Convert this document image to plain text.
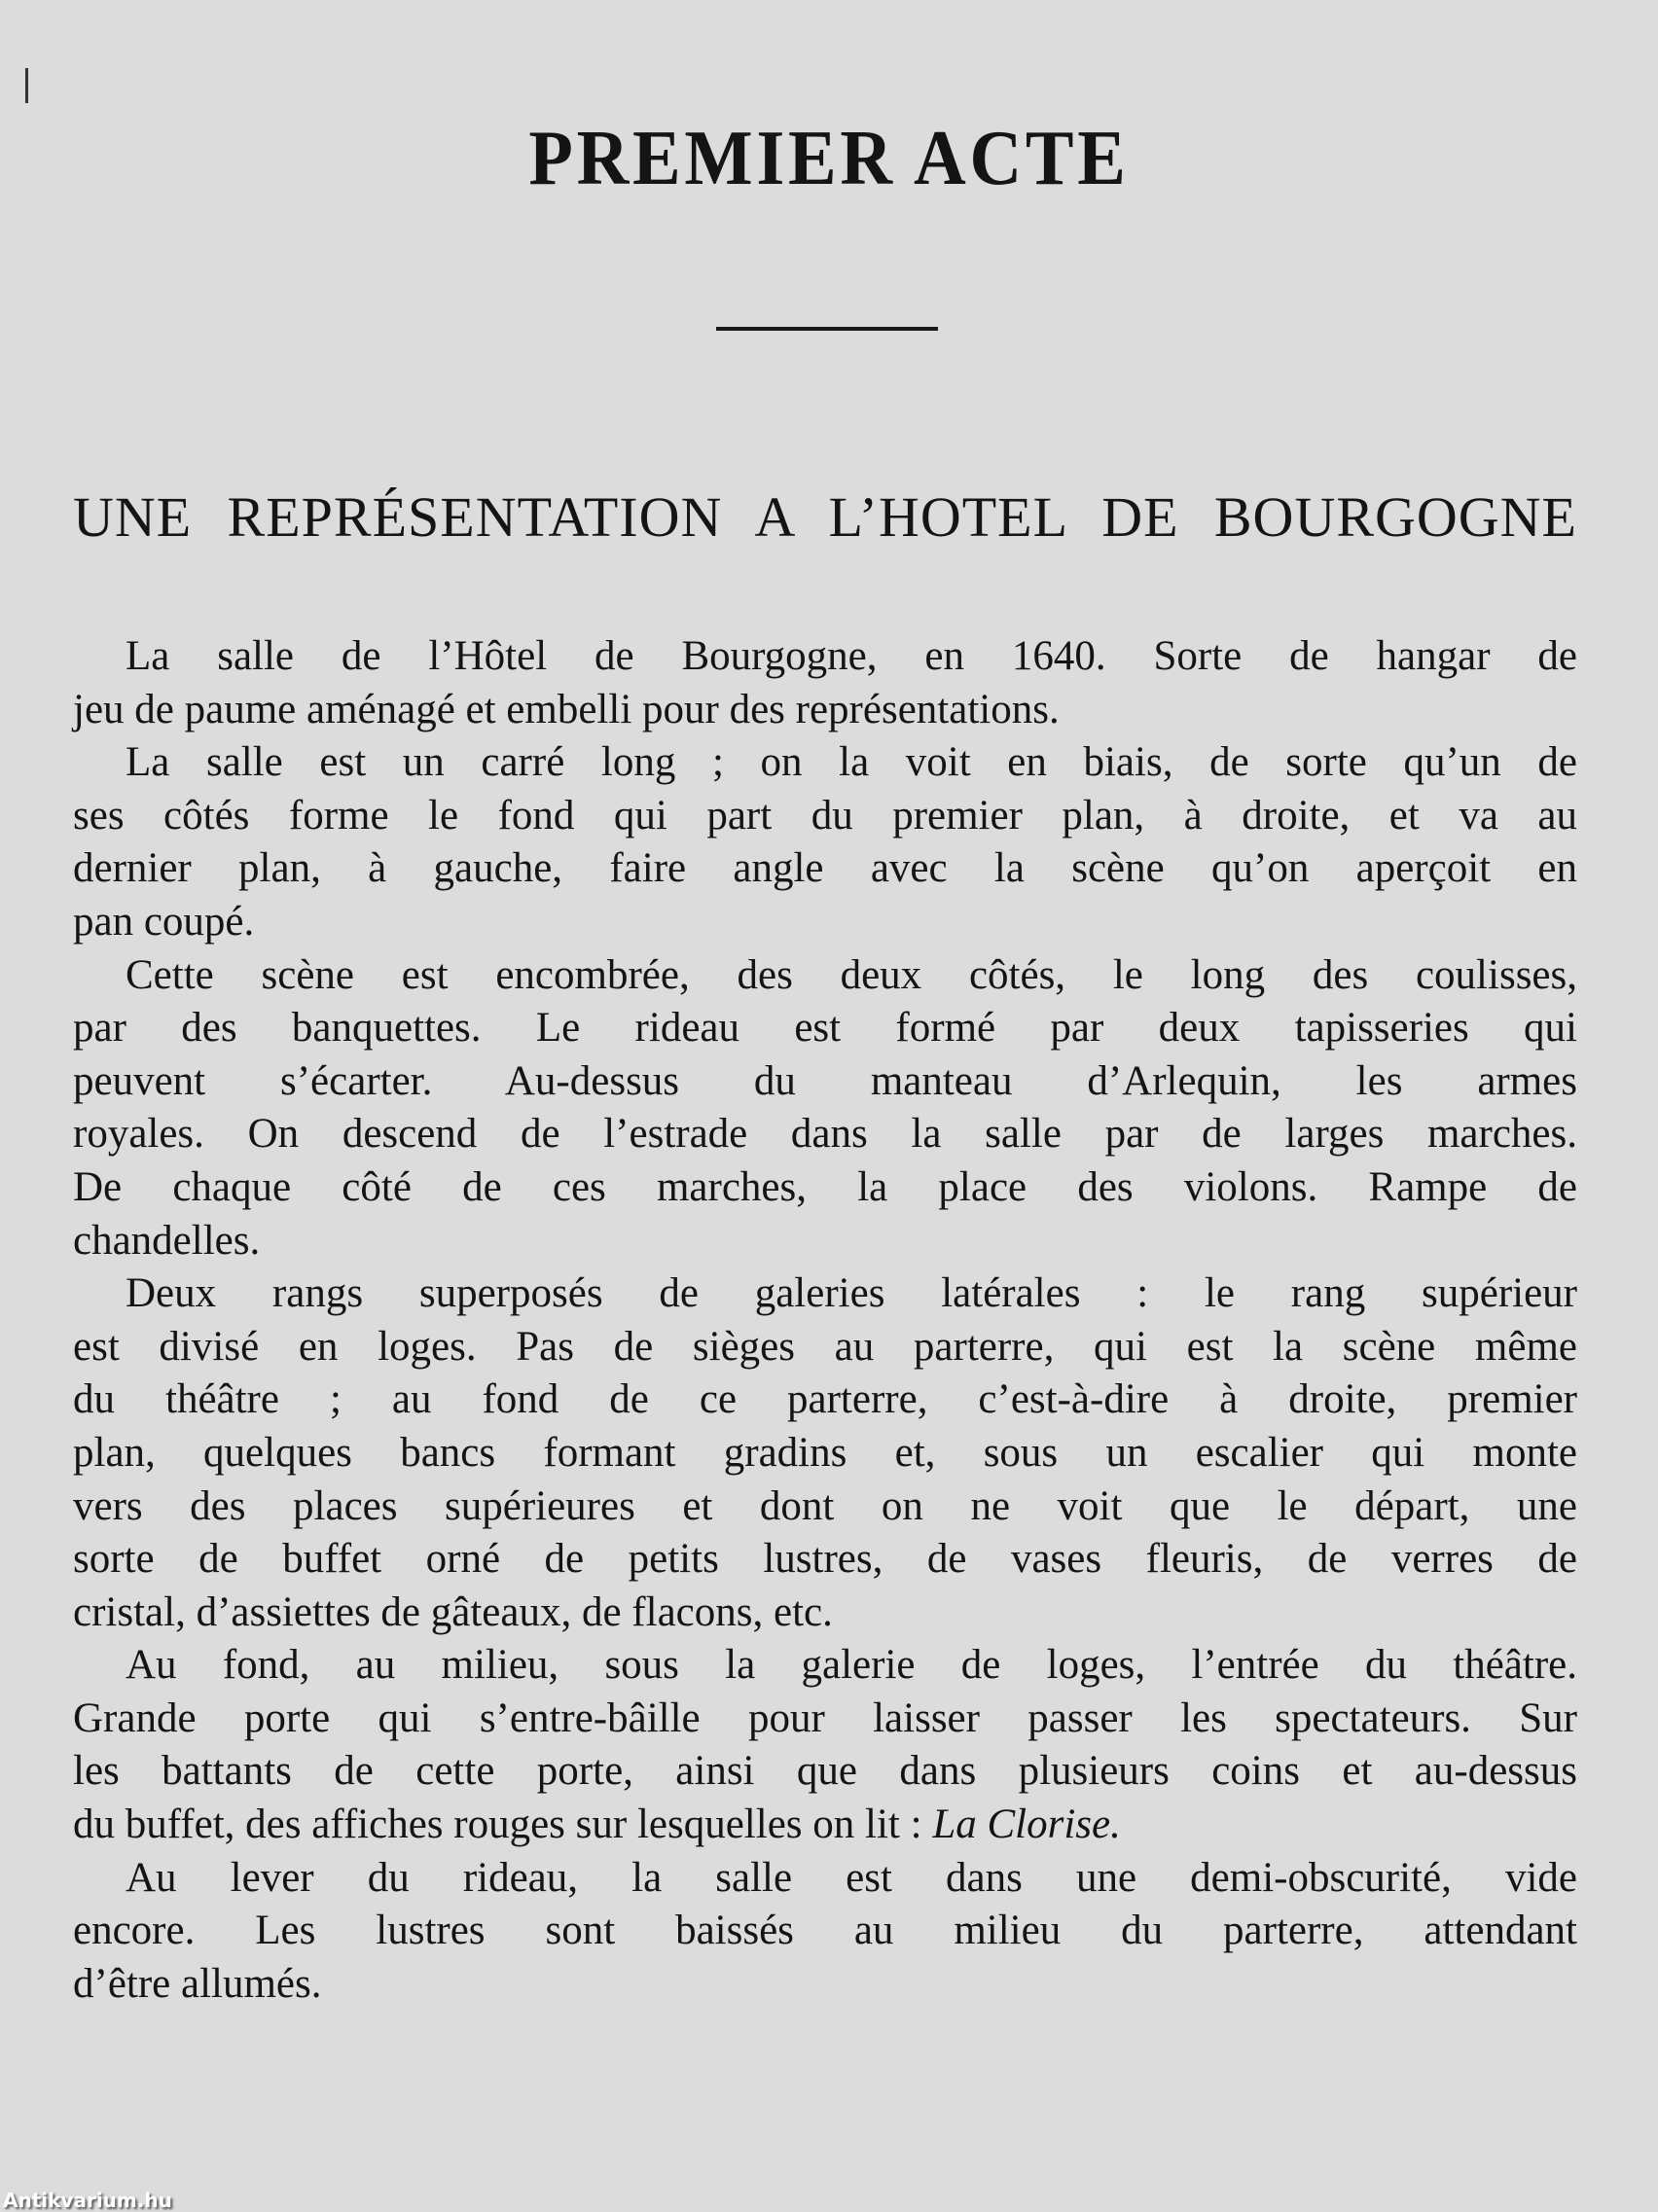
PREMIER ACTE
UNE REPRÉSENTATION A L’HOTEL DE BOURGOGNE
La salle de l’Hôtel de Bourgogne, en 1640. Sorte de hangar de
jeu de paume aménagé et embelli pour des représentations.
La salle est un carré long ; on la voit en biais, de sorte qu’un de
ses côtés forme le fond qui part du premier plan, à droite, et va au
dernier plan, à gauche, faire angle avec la scène qu’on aperçoit en
pan coupé.
Cette scène est encombrée, des deux côtés, le long des coulisses,
par des banquettes. Le rideau est formé par deux tapisseries qui
peuvent s’écarter. Au-dessus du manteau d’Arlequin, les armes
royales. On descend de l’estrade dans la salle par de larges marches.
De chaque côté de ces marches, la place des violons. Rampe de
chandelles.
Deux rangs superposés de galeries latérales : le rang supérieur
est divisé en loges. Pas de sièges au parterre, qui est la scène même
du théâtre ; au fond de ce parterre, c’est-à-dire à droite, premier
plan, quelques bancs formant gradins et, sous un escalier qui monte
vers des places supérieures et dont on ne voit que le départ, une
sorte de buffet orné de petits lustres, de vases fleuris, de verres de
cristal, d’assiettes de gâteaux, de flacons, etc.
Au fond, au milieu, sous la galerie de loges, l’entrée du théâtre.
Grande porte qui s’entre-bâille pour laisser passer les spectateurs. Sur
les battants de cette porte, ainsi que dans plusieurs coins et au-dessus
du buffet, des affiches rouges sur lesquelles on lit : La Clorise.
Au lever du rideau, la salle est dans une demi-obscurité, vide
encore. Les lustres sont baissés au milieu du parterre, attendant
d’être allumés.
Antikvarium.hu
